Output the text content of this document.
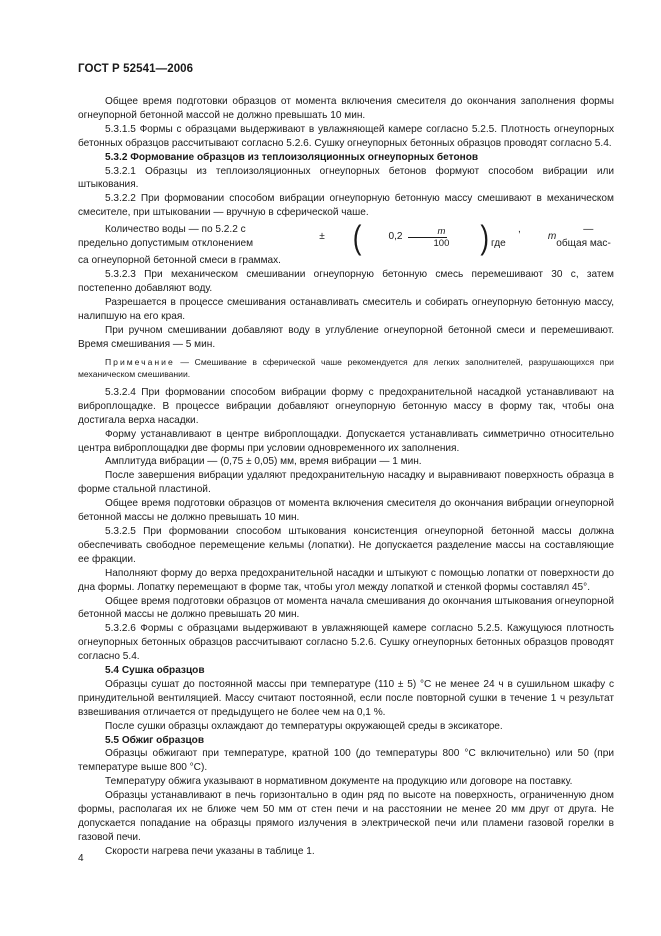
ГОСТ Р 52541—2006

Общее время подготовки образцов от момента включения смесителя до окончания заполнения формы огнеупорной бетонной массой не должно превышать 10 мин.

5.3.1.5 Формы с образцами выдерживают в увлажняющей камере согласно 5.2.5. Плотность огнеупорных бетонных образцов рассчитывают согласно 5.2.6. Сушку огнеупорных бетонных образцов проводят согласно 5.4.

5.3.2 Формование образцов из теплоизоляционных огнеупорных бетонов

5.3.2.1 Образцы из теплоизоляционных огнеупорных бетонов формуют способом вибрации или штыкования.

5.3.2.2 При формовании способом вибрации огнеупорную бетонную массу смешивают в механическом смесителе, при штыковании — вручную в сферической чаше.

Количество воды — по 5.2.2 с предельно допустимым отклонением
±	(	$0,2 \frac{m}{100}$	)	, где
m
— общая мас-

са огнеупорной бетонной смеси в граммах.

5.3.2.3 При механическом смешивании огнеупорную бетонную смесь перемешивают 30 с, затем постепенно добавляют воду.

Разрешается в процессе смешивания останавливать смеситель и собирать огнеупорную бетонную массу, налипшую на его края.

При ручном смешивании добавляют воду в углубление огнеупорной бетонной смеси и перемешивают. Время смешивания — 5 мин.

Примечание — Смешивание в сферической чаше рекомендуется для легких заполнителей, разрушающихся при механическом смешивании.

5.3.2.4 При формовании способом вибрации форму с предохранительной насадкой устанавливают на виброплощадке. В процессе вибрации добавляют огнеупорную бетонную массу в форму так, чтобы она достигала верха насадки.

Форму устанавливают в центре виброплощадки. Допускается устанавливать симметрично относительно центра виброплощадки две формы при условии одновременного их заполнения.

Амплитуда вибрации — (0,75 ± 0,05) мм, время вибрации — 1 мин.

После завершения вибрации удаляют предохранительную насадку и выравнивают поверхность образца в форме стальной пластиной.

Общее время подготовки образцов от момента включения смесителя до окончания вибрации огнеупорной бетонной массы не должно превышать 10 мин.

5.3.2.5 При формовании способом штыкования консистенция огнеупорной бетонной массы должна обеспечивать свободное перемещение кельмы (лопатки). Не допускается разделение массы на составляющие ее фракции.

Наполняют форму до верха предохранительной насадки и штыкуют с помощью лопатки от поверхности до дна формы. Лопатку перемещают в форме так, чтобы угол между лопаткой и стенкой формы составлял 45°.

Общее время подготовки образцов от момента начала смешивания до окончания штыкования огнеупорной бетонной массы не должно превышать 20 мин.

5.3.2.6 Формы с образцами выдерживают в увлажняющей камере согласно 5.2.5. Кажущуюся плотность огнеупорных бетонных образцов рассчитывают согласно 5.2.6. Сушку огнеупорных бетонных образцов проводят согласно 5.4.

5.4 Сушка образцов

Образцы сушат до постоянной массы при температуре (110 ± 5) °С не менее 24 ч в сушильном шкафу с принудительной вентиляцией. Массу считают постоянной, если после повторной сушки в течение 1 ч результат взвешивания отличается от предыдущего не более чем на 0,1 %.

После сушки образцы охлаждают до температуры окружающей среды в эксикаторе.

5.5 Обжиг образцов

Образцы обжигают при температуре, кратной 100 (до температуры 800 °С включительно) или 50 (при температуре выше 800 °С).

Температуру обжига указывают в нормативном документе на продукцию или договоре на поставку.

Образцы устанавливают в печь горизонтально в один ряд по высоте на поверхность, ограниченную дном формы, располагая их не ближе чем 50 мм от стен печи и на расстоянии не менее 20 мм друг от друга. Не допускается попадание на образцы прямого излучения в электрической печи или пламени газовой горелки в газовой печи.

Скорости нагрева печи указаны в таблице 1.

4
